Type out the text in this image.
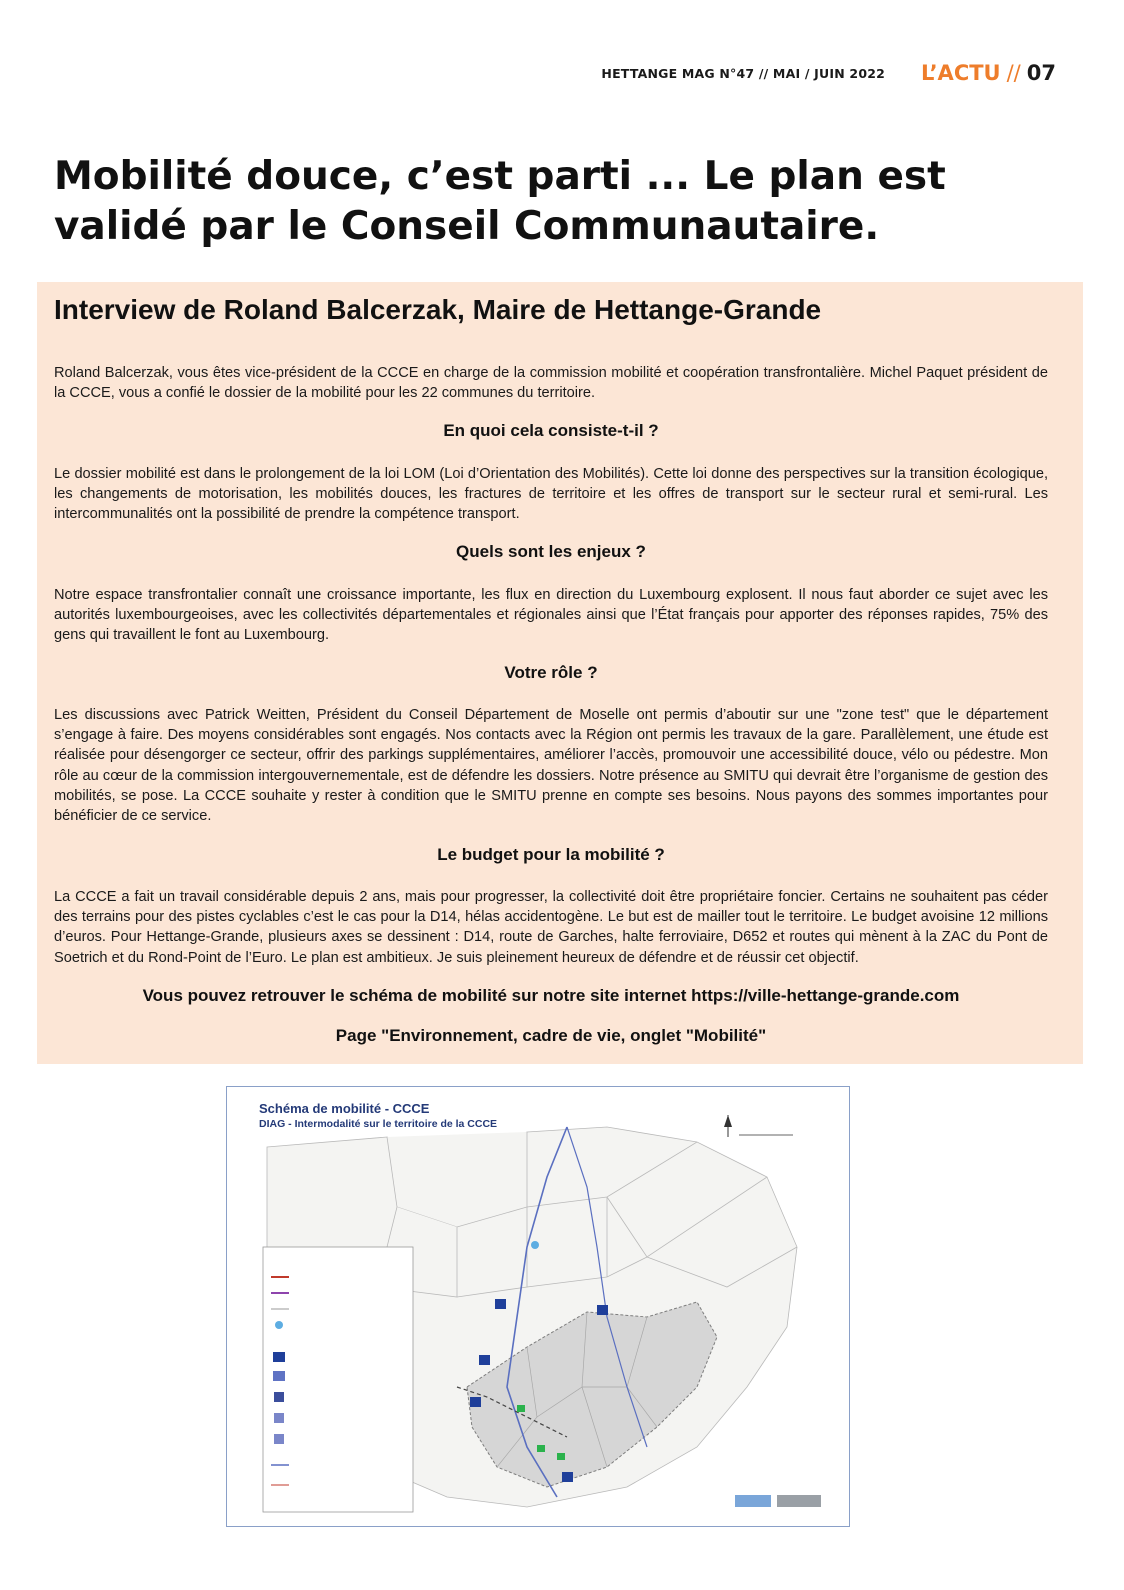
HETTANGE MAG N°47 // MAI / JUIN 2022 L’ACTU // 07
Mobilité douce, c’est parti ... Le plan est validé par le Conseil Communautaire.
Interview de Roland Balcerzak, Maire de Hettange-Grande

Roland Balcerzak, vous êtes vice-président de la CCCE en charge de la commission mobilité et coopération transfrontalière. Michel Paquet président de la CCCE, vous a confié le dossier de la mobilité pour les 22 communes du territoire.

En quoi cela consiste-t-il ?

Le dossier mobilité est dans le prolongement de la loi LOM (Loi d’Orientation des Mobilités). Cette loi donne des perspectives sur la transition écologique, les changements de motorisation, les mobilités douces, les fractures de territoire et les offres de transport sur le secteur rural et semi-rural. Les intercommunalités ont la possibilité de prendre la compétence transport.

Quels sont les enjeux ?

Notre espace transfrontalier connaît une croissance importante, les flux en direction du Luxembourg explosent. Il nous faut aborder ce sujet avec les autorités luxembourgeoises, avec les collectivités départementales et régionales ainsi que l’État français pour apporter des réponses rapides, 75% des gens qui travaillent le font au Luxembourg.

Votre rôle ?

Les discussions avec Patrick Weitten, Président du Conseil Département de Moselle ont permis d’aboutir sur une "zone test" que le département s’engage à faire. Des moyens considérables sont engagés. Nos contacts avec la Région ont permis les travaux de la gare. Parallèlement, une étude est réalisée pour désengorger ce secteur, offrir des parkings supplémentaires, améliorer l’accès, promouvoir une accessibilité douce, vélo ou pédestre. Mon rôle au cœur de la commission intergouvernementale, est de défendre les dossiers. Notre présence au SMITU qui devrait être l’organisme de gestion des mobilités, se pose. La CCCE souhaite y rester à condition que le SMITU prenne en compte ses besoins. Nous payons des sommes importantes pour bénéficier de ce service.

Le budget pour la mobilité ?

La CCCE a fait un travail considérable depuis 2 ans, mais pour progresser, la collectivité doit être propriétaire foncier. Certains ne souhaitent pas céder des terrains pour des pistes cyclables c’est le cas pour la D14, hélas accidentogène. Le but est de mailler tout le territoire. Le budget avoisine 12 millions d’euros. Pour Hettange-Grande, plusieurs axes se dessinent : D14, route de Garches, halte ferroviaire, D652 et routes qui mènent à la ZAC du Pont de Soetrich et du Rond-Point de l’Euro. Le plan est ambitieux. Je suis pleinement heureux de défendre et de réussir cet objectif.

Vous pouvez retrouver le schéma de mobilité sur notre site internet https://ville-hettange-grande.com

Page "Environnement, cadre de vie, onglet "Mobilité"

Schéma de mobilité - CCCE
DIAG - Intermodalité sur le territoire de la CCCE
